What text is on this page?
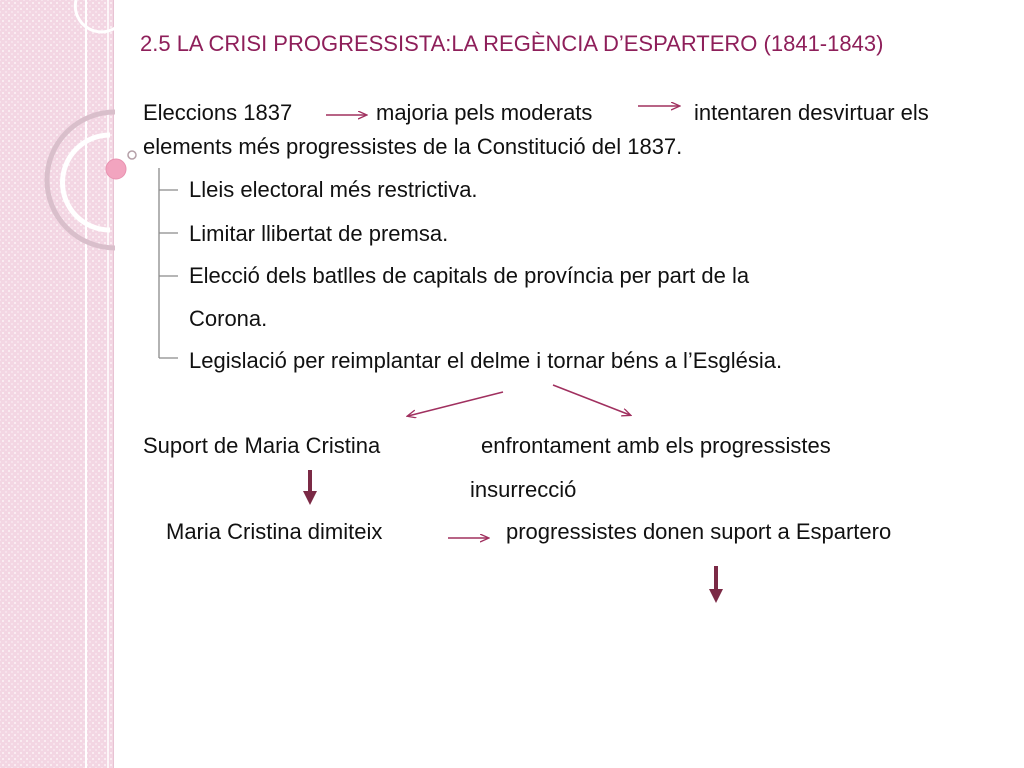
2.5 LA CRISI PROGRESSISTA:LA REGÈNCIA D’ESPARTERO (1841-1843)
Eleccions 1837	majoria pels moderats	intentaren desvirtuar els
elements més progressistes de la Constitució del 1837.
Lleis electoral més restrictiva.
Limitar llibertat de premsa.
Elecció dels batlles de capitals de província per part de la
Corona.
Legislació per reimplantar el delme i tornar béns a l’Església.
Suport de Maria Cristina	enfrontament amb els progressistes
insurrecció
Maria Cristina dimiteix	progressistes donen suport a Espartero
